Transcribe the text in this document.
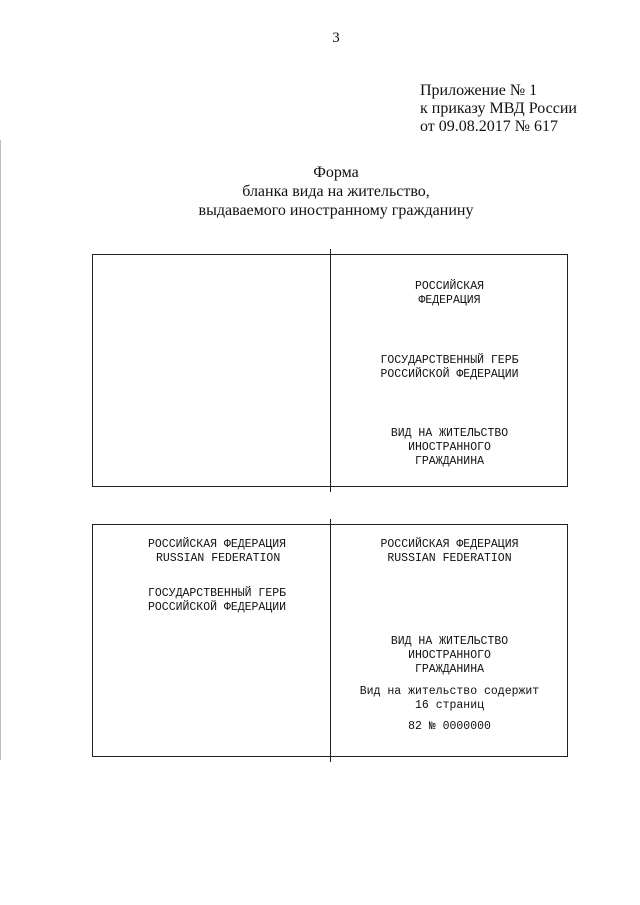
3
Приложение № 1
к приказу МВД России
от 09.08.2017 № 617
Форма
бланка вида на жительство,
выдаваемого иностранному гражданину
РОССИЙСКАЯ
ФЕДЕРАЦИЯ
ГОСУДАРСТВЕННЫЙ ГЕРБ
РОССИЙСКОЙ ФЕДЕРАЦИИ
ВИД НА ЖИТЕЛЬСТВО
ИНОСТРАННОГО
ГРАЖДАНИНА
РОССИЙСКАЯ ФЕДЕРАЦИЯ
RUSSIAN FEDERATION
ГОСУДАРСТВЕННЫЙ ГЕРБ
РОССИЙСКОЙ ФЕДЕРАЦИИ
РОССИЙСКАЯ ФЕДЕРАЦИЯ
RUSSIAN FEDERATION
ВИД НА ЖИТЕЛЬСТВО
ИНОСТРАННОГО
ГРАЖДАНИНА
Вид на жительство содержит
16 страниц
82 № 0000000
